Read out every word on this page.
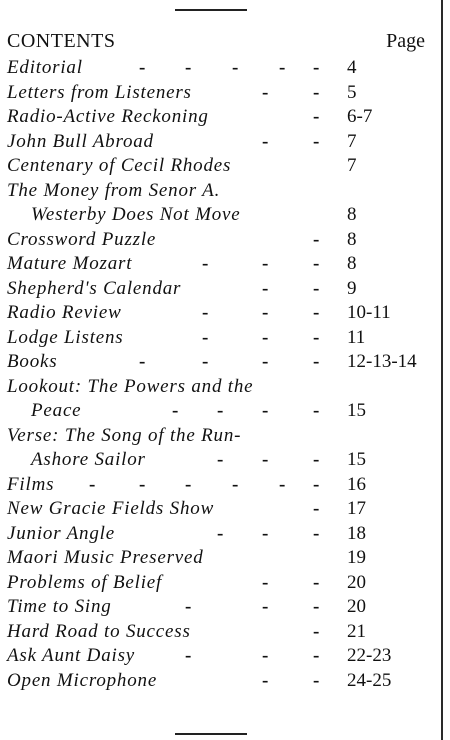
CONTENTS	Page
Editorial	- - - - - 4
Letters from Listeners	- - 5
Radio-Active Reckoning	- 6-7
John Bull Abroad	- - 7
Centenary of Cecil Rhodes	7
The Money from Senor A.
Westerby Does Not Move	8
Crossword Puzzle	- 8
Mature Mozart	-	- - 8
Shepherd's Calendar	- - 9
Radio Review	-	- - 10-11
Lodge Listens	-	- - 11
Books	-	-	- - 12-13-14
Lookout: The Powers and the
Peace	- - - - 15
Verse: The Song of the Run-
Ashore Sailor	- - - 15
Films - - - - - - 16
New Gracie Fields Show	- 17
Junior Angle	- - - 18
Maori Music Preserved	19
Problems of Belief	- - 20
Time to Sing	-	- - 20
Hard Road to Success	- 21
Ask Aunt Daisy	-	- - 22-23
Open Microphone	- - 24-25
